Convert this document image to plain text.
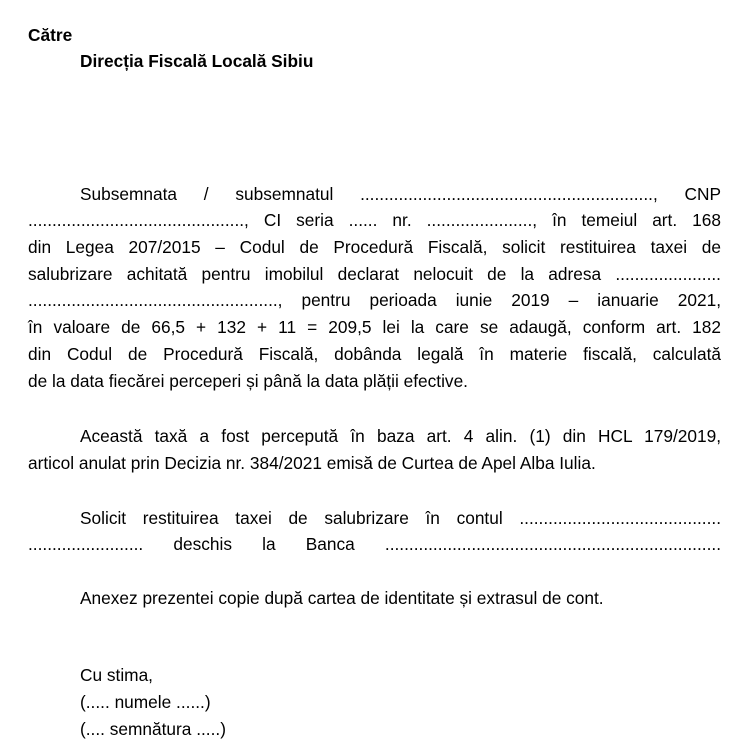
Către
Direcția Fiscală Locală Sibiu
Subsemnata / subsemnatul ............................................................., CNP
............................................., CI seria ...... nr. ......................, în temeiul art. 168
din Legea 207/2015 – Codul de Procedură Fiscală, solicit restituirea taxei de
salubrizare achitată pentru imobilul declarat nelocuit de la adresa ......................
...................................................., pentru perioada iunie 2019 – ianuarie 2021,
în valoare de 66,5 + 132 + 11 = 209,5 lei la care se adaugă, conform art. 182
din Codul de Procedură Fiscală, dobânda legală în materie fiscală, calculată
de la data fiecărei perceperi și până la data plății efective.
Această taxă a fost percepută în baza art. 4 alin. (1) din HCL 179/2019,
articol anulat prin Decizia nr. 384/2021 emisă de Curtea de Apel Alba Iulia.
Solicit restituirea taxei de salubrizare în contul ..........................................
........................ deschis la Banca ......................................................................
Anexez prezentei copie după cartea de identitate și extrasul de cont.
Cu stima,
(..... numele ......)
(.... semnătura .....)
